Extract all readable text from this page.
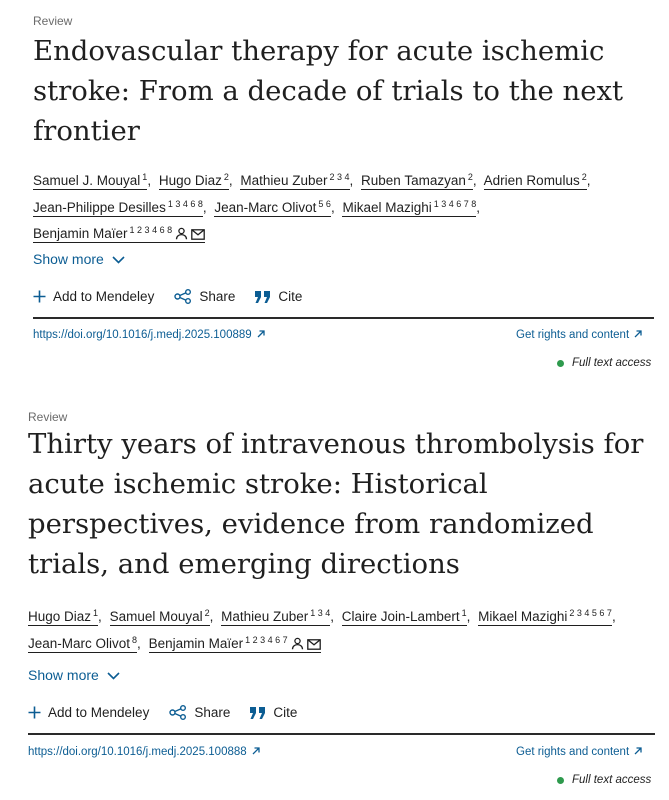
Review
Endovascular therapy for acute ischemic stroke: From a decade of trials to the next frontier
Samuel J. Mouyal $^1$, Hugo Diaz $^2$, Mathieu Zuber $^{2 3 4}$, Ruben Tamazyan $^2$, Adrien Romulus $^2$, Jean-Philippe Desilles $^{1 3 4 6 8}$, Jean-Marc Olivot $^{5 6}$, Mikael Mazighi $^{1 3 4 6 7 8}$, Benjamin Maïer $^{1 2 3 4 6 8}$
Show more
Add to Mendeley	Share	Cite
https://doi.org/10.1016/j.medj.2025.100889	Get rights and content
Full text access
Review
Thirty years of intravenous thrombolysis for acute ischemic stroke: Historical perspectives, evidence from randomized trials, and emerging directions
Hugo Diaz $^1$, Samuel Mouyal $^2$, Mathieu Zuber $^{1 3 4}$, Claire Join-Lambert $^1$, Mikael Mazighi $^{2 3 4 5 6 7}$, Jean-Marc Olivot $^8$, Benjamin Maïer $^{1 2 3 4 6 7}$
Show more
Add to Mendeley	Share	Cite
https://doi.org/10.1016/j.medj.2025.100888	Get rights and content
Full text access
